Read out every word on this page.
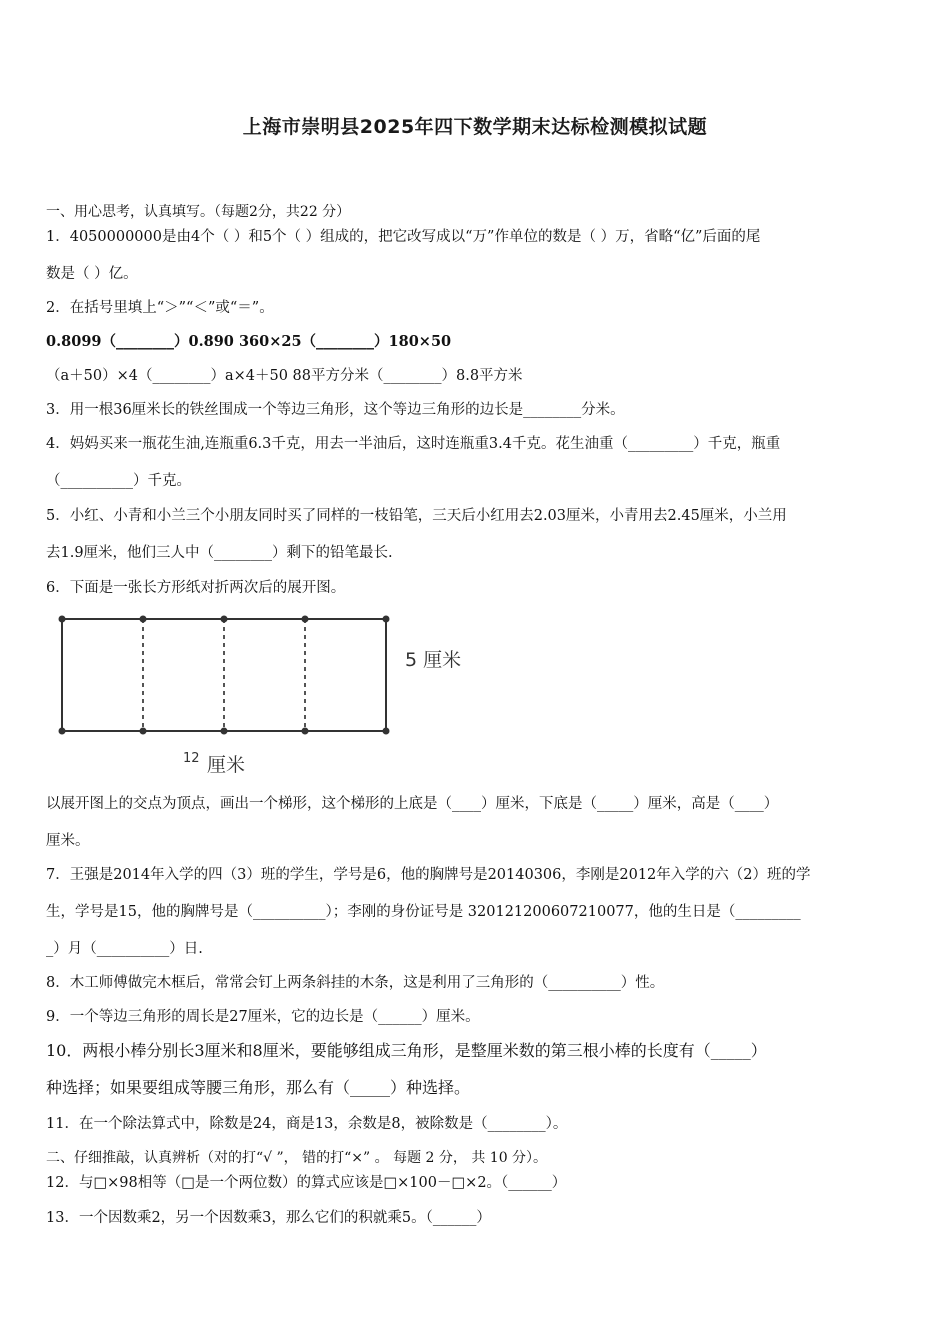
上海市崇明县2025年四下数学期末达标检测模拟试题
一、用心思考，认真填写。（每题2分，共22 分）
1．4050000000是由4个（ ）和5个（ ）组成的，把它改写成以“万”作单位的数是（ ）万，省略“亿”后面的尾
数是（ ）亿。
2．在括号里填上“＞”“＜”或“＝”。
0.8099（________）0.890 360×25（________）180×50
（a＋50）×4（________）a×4＋50 88平方分米（________）8.8平方米
3．用一根36厘米长的铁丝围成一个等边三角形，这个等边三角形的边长是________分米。
4．妈妈买来一瓶花生油,连瓶重6.3千克，用去一半油后，这时连瓶重3.4千克。花生油重（_________）千克，瓶重
（__________）千克。
5．小红、小青和小兰三个小朋友同时买了同样的一枝铅笔，三天后小红用去2.03厘米，小青用去2.45厘米，小兰用
去1.9厘米，他们三人中（________）剩下的铅笔最长.
6．下面是一张长方形纸对折两次后的展开图。
5 厘米
12 厘米
以展开图上的交点为顶点，画出一个梯形，这个梯形的上底是（____）厘米，下底是（_____）厘米，高是（____）
厘米。
7．王强是2014年入学的四（3）班的学生，学号是6，他的胸牌号是20140306，李刚是2012年入学的六（2）班的学
生，学号是15，他的胸牌号是（__________）；李刚的身份证号是 320121200607210077，他的生日是（_________
_）月（__________）日.
8．木工师傅做完木框后，常常会钉上两条斜挂的木条，这是利用了三角形的（__________）性。
9．一个等边三角形的周长是27厘米，它的边长是（______）厘米。
10．两根小棒分别长3厘米和8厘米，要能够组成三角形，是整厘米数的第三根小棒的长度有（_____）
种选择；如果要组成等腰三角形，那么有（_____）种选择。
11．在一个除法算式中，除数是24，商是13，余数是8，被除数是（________）。
二、仔细推敲，认真辨析（对的打“√ ”， 错的打“×” 。 每题 2 分， 共 10 分）。
12．与□×98相等（□是一个两位数）的算式应该是□×100－□×2。（______）
13．一个因数乘2，另一个因数乘3，那么它们的积就乘5。（______）
